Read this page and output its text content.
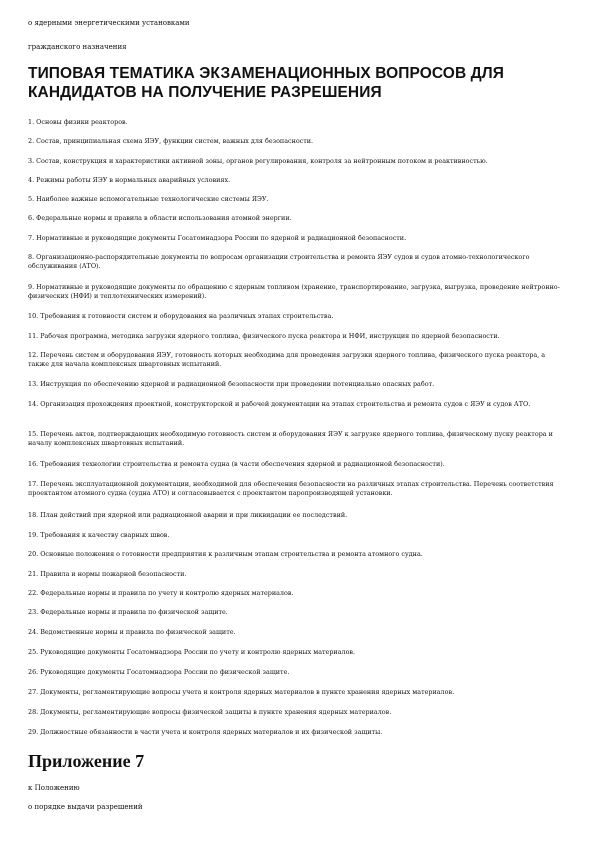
о ядерными энергетическими установками
гражданского назначения
ТИПОВАЯ ТЕМАТИКА ЭКЗАМЕНАЦИОННЫХ ВОПРОСОВ ДЛЯ КАНДИДАТОВ НА ПОЛУЧЕНИЕ РАЗРЕШЕНИЯ
1. Основы физики реакторов.
2. Состав, принципиальная схема ЯЭУ, функции систем, важных для безопасности.
3. Состав, конструкция и характеристики активной зоны, органов регулирования, контроля за нейтронным потоком и реактивностью.
4. Режимы работы ЯЭУ в нормальных аварийных условиях.
5. Наиболее важные вспомогательные технологические системы ЯЭУ.
6. Федеральные нормы и правила в области использования атомной энергии.
7. Нормативные и руководящие документы Госатомнадзора России по ядерной и радиационной безопасности.
8. Организационно-распорядительные документы по вопросам организации строительства и ремонта ЯЭУ судов и судов атомно-технологического обслуживания (АТО).
9. Нормативные и руководящие документы по обращению с ядерным топливом (хранение, транспортирование, загрузка, выгрузка, проведение нейтронно-физических (НФИ) и теплотехнических измерений).
10. Требования к готовности систем и оборудования на различных этапах строительства.
11. Рабочая программа, методика загрузки ядерного топлива, физического пуска реактора и НФИ, инструкция по ядерной безопасности.
12. Перечень систем и оборудования ЯЭУ, готовность которых необходима для проведения загрузки ядерного топлива, физического пуска реактора, а также для начала комплексных швартовных испытаний.
13. Инструкция по обеспечению ядерной и радиационной безопасности при проведении потенциально опасных работ.
14. Организация прохождения проектной, конструкторской и рабочей документации на этапах строительства и ремонта судов с ЯЭУ и судов АТО.
15. Перечень актов, подтверждающих необходимую готовность систем и оборудования ЯЭУ к загрузке ядерного топлива, физическому пуску реактора и началу комплексных швартовных испытаний.
16. Требования технологии строительства и ремонта судна (в части обеспечения ядерной и радиационной безопасности).
17. Перечень эксплуатационной документации, необходимой для обеспечения безопасности на различных этапах строительства. Перечень соответствия проектантом атомного судна (судна АТО) и согласовывается с проектантом паропроизводящей установки.
18. План действий при ядерной или радиационной аварии и при ликвидации ее последствий.
19. Требования к качеству сварных швов.
20. Основные положения о готовности предприятия к различным этапам строительства и ремонта атомного судна.
21. Правила и нормы пожарной безопасности.
22. Федеральные нормы и правила по учету и контролю ядерных материалов.
23. Федеральные нормы и правила по физической защите.
24. Ведомственные нормы и правила по физической защите.
25. Руководящие документы Госатомнадзора России по учету и контролю ядерных материалов.
26. Руководящие документы Госатомнадзора России по физической защите.
27. Документы, регламентирующие вопросы учета и контроля ядерных материалов в пункте хранения ядерных материалов.
28. Документы, регламентирующие вопросы физической защиты в пункте хранения ядерных материалов.
29. Должностные обязанности в части учета и контроля ядерных материалов и их физической защиты.
Приложение 7
к Положению
о порядке выдачи разрешений
